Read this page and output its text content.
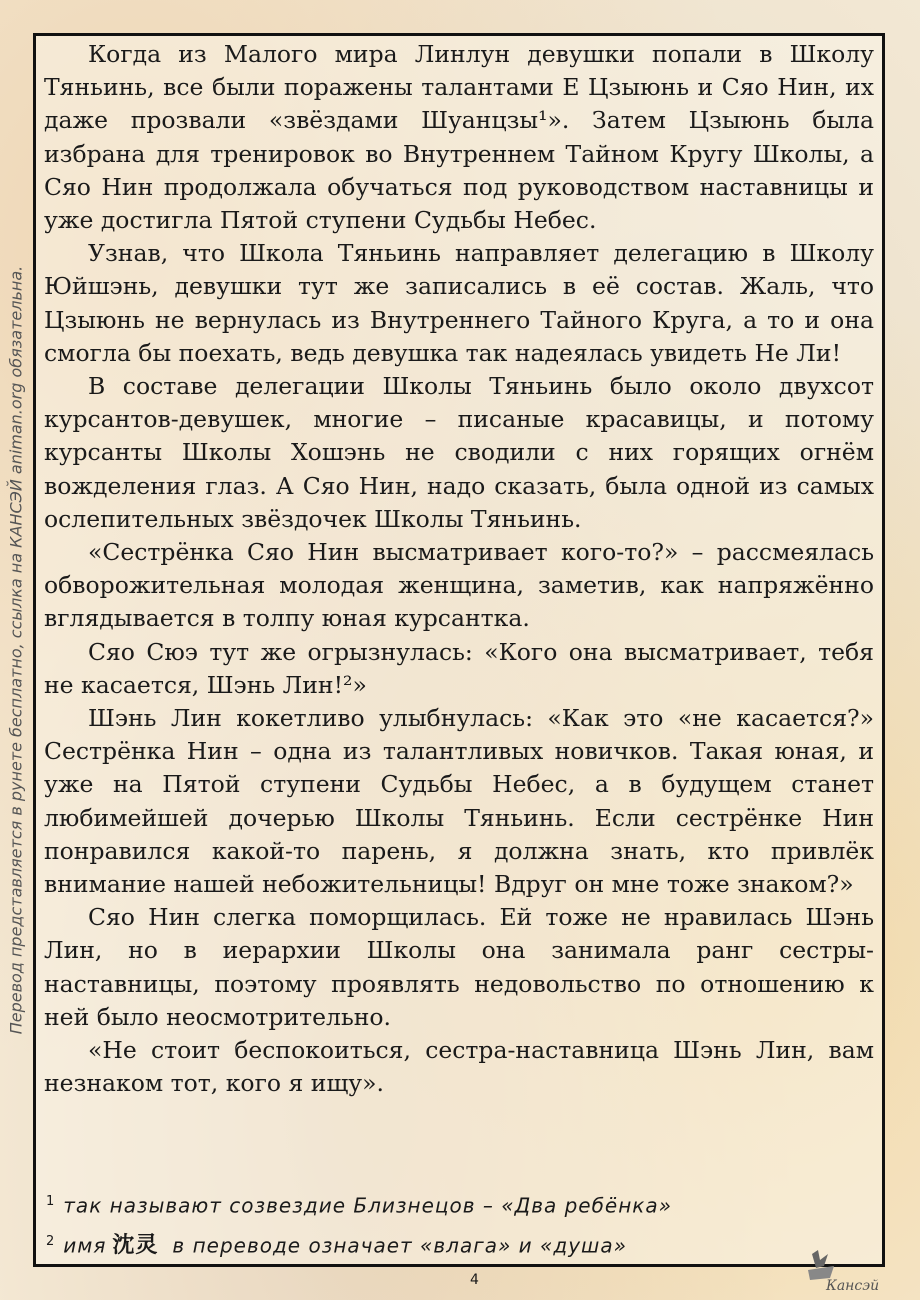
Перевод представляется в рунете бесплатно, ссылка на КАНСЭЙ animan.org обязательна.

Когда из Малого мира Линлун девушки попали в Школу Тяньинь, все были поражены талантами Е Цзыюнь и Сяо Нин, их даже прозвали «звёздами Шуанцзы¹». Затем Цзыюнь была избрана для тренировок во Внутреннем Тайном Кругу Школы, а Сяо Нин продолжала обучаться под руководством наставницы и уже достигла Пятой ступени Судьбы Небес.

Узнав, что Школа Тяньинь направляет делегацию в Школу Юйшэнь, девушки тут же записались в её состав. Жаль, что Цзыюнь не вернулась из Внутреннего Тайного Круга, а то и она смогла бы поехать, ведь девушка так надеялась увидеть Не Ли!

В составе делегации Школы Тяньинь было около двухсот курсантов-девушек, многие – писаные красавицы, и потому курсанты Школы Хошэнь не сводили с них горящих огнём вожделения глаз. А Сяо Нин, надо сказать, была одной из самых ослепительных звёздочек Школы Тяньинь.

«Сестрёнка Сяо Нин высматривает кого-то?» – рассмеялась обворожительная молодая женщина, заметив, как напряжённо вглядывается в толпу юная курсантка.

Сяо Сюэ тут же огрызнулась: «Кого она высматривает, тебя не касается, Шэнь Лин!²»

Шэнь Лин кокетливо улыбнулась: «Как это «не касается?» Сестрёнка Нин – одна из талантливых новичков. Такая юная, и уже на Пятой ступени Судьбы Небес, а в будущем станет любимейшей дочерью Школы Тяньинь. Если сестрёнке Нин понравился какой-то парень, я должна знать, кто привлёк внимание нашей небожительницы! Вдруг он мне тоже знаком?»

Сяо Нин слегка поморщилась. Ей тоже не нравилась Шэнь Лин, но в иерархии Школы она занимала ранг сестры-наставницы, поэтому проявлять недовольство по отношению к ней было неосмотрительно.

«Не стоит беспокоиться, сестра-наставница Шэнь Лин, вам незнаком тот, кого я ищу».

$^1$ так называют созвездие Близнецов – «Два ребёнка»
$^2$ имя 沈灵 в переводе означает «влага» и «душа»
4	Кансэй
